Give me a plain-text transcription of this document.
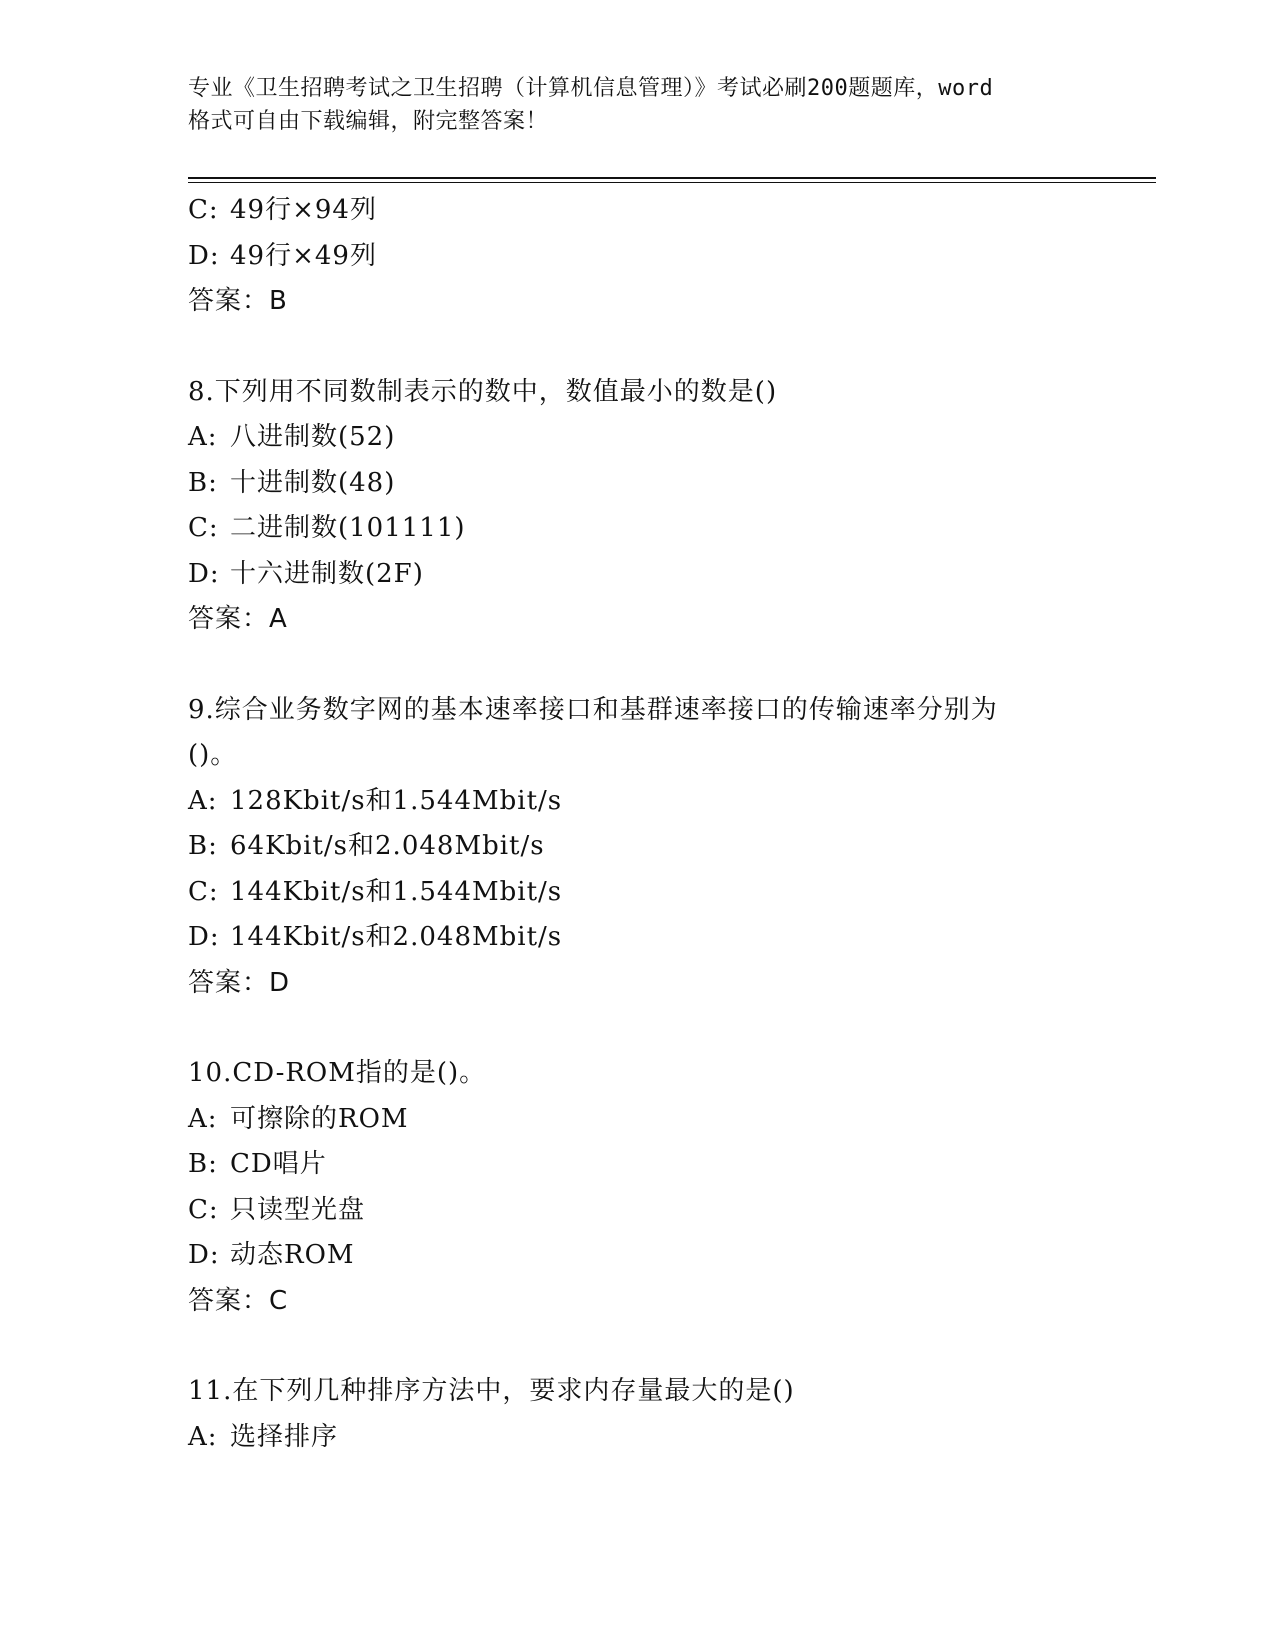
专业《卫生招聘考试之卫生招聘（计算机信息管理）》考试必刷200题题库，word
格式可自由下载编辑，附完整答案！
C: 49行×94列
D: 49行×49列
答案：B
8.下列用不同数制表示的数中，数值最小的数是()
A: 八进制数(52)
B: 十进制数(48)
C: 二进制数(101111)
D: 十六进制数(2F)
答案：A
9.综合业务数字网的基本速率接口和基群速率接口的传输速率分别为
()。
A: 128Kbit/s和1.544Mbit/s
B: 64Kbit/s和2.048Mbit/s
C: 144Kbit/s和1.544Mbit/s
D: 144Kbit/s和2.048Mbit/s
答案：D
10.CD-ROM指的是()。
A: 可擦除的ROM
B: CD唱片
C: 只读型光盘
D: 动态ROM
答案：C
11.在下列几种排序方法中，要求内存量最大的是()
A: 选择排序
